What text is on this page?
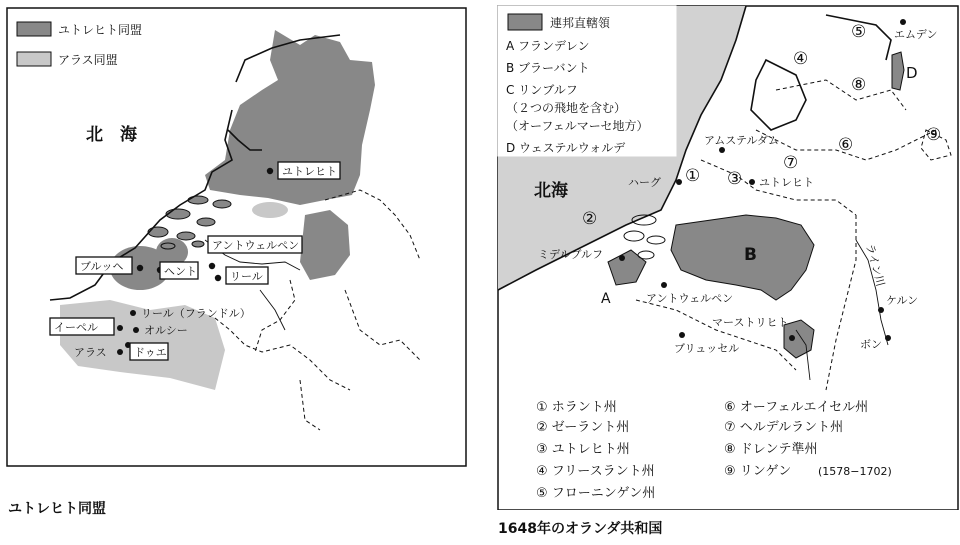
ユトレヒト同盟
アラス同盟
北　海
ユトレヒト
アントウェルペン
ブルッヘ	ヘント	リール
リール（フランドル）
イーペル	オルシー
アラス ドゥエ
ユトレヒト同盟
連邦直轄領
A フランデレン
B ブラーバント
C リンブルフ
（２つの飛地を含む）
（オーフェルマーセ地方）
D ウェステルウォルデ
北海
①
②
③
④
⑤
⑥
⑦
⑧
⑨
A
B
D
エムデン
アムステルダム
ハーグ	ユトレヒト
ミデルブルフ
アントウェルペン
マーストリヒト
ブリュッセル
ケルン
ボン
ライン川
① ホラント州
② ゼーラント州
③ ユトレヒト州
④ フリースラント州
⑤ フローニンゲン州
⑥ オーフェルエイセル州
⑦ ヘルデルラント州
⑧ ドレンテ準州
⑨ リンゲン (1578−1702)
1648年のオランダ共和国
